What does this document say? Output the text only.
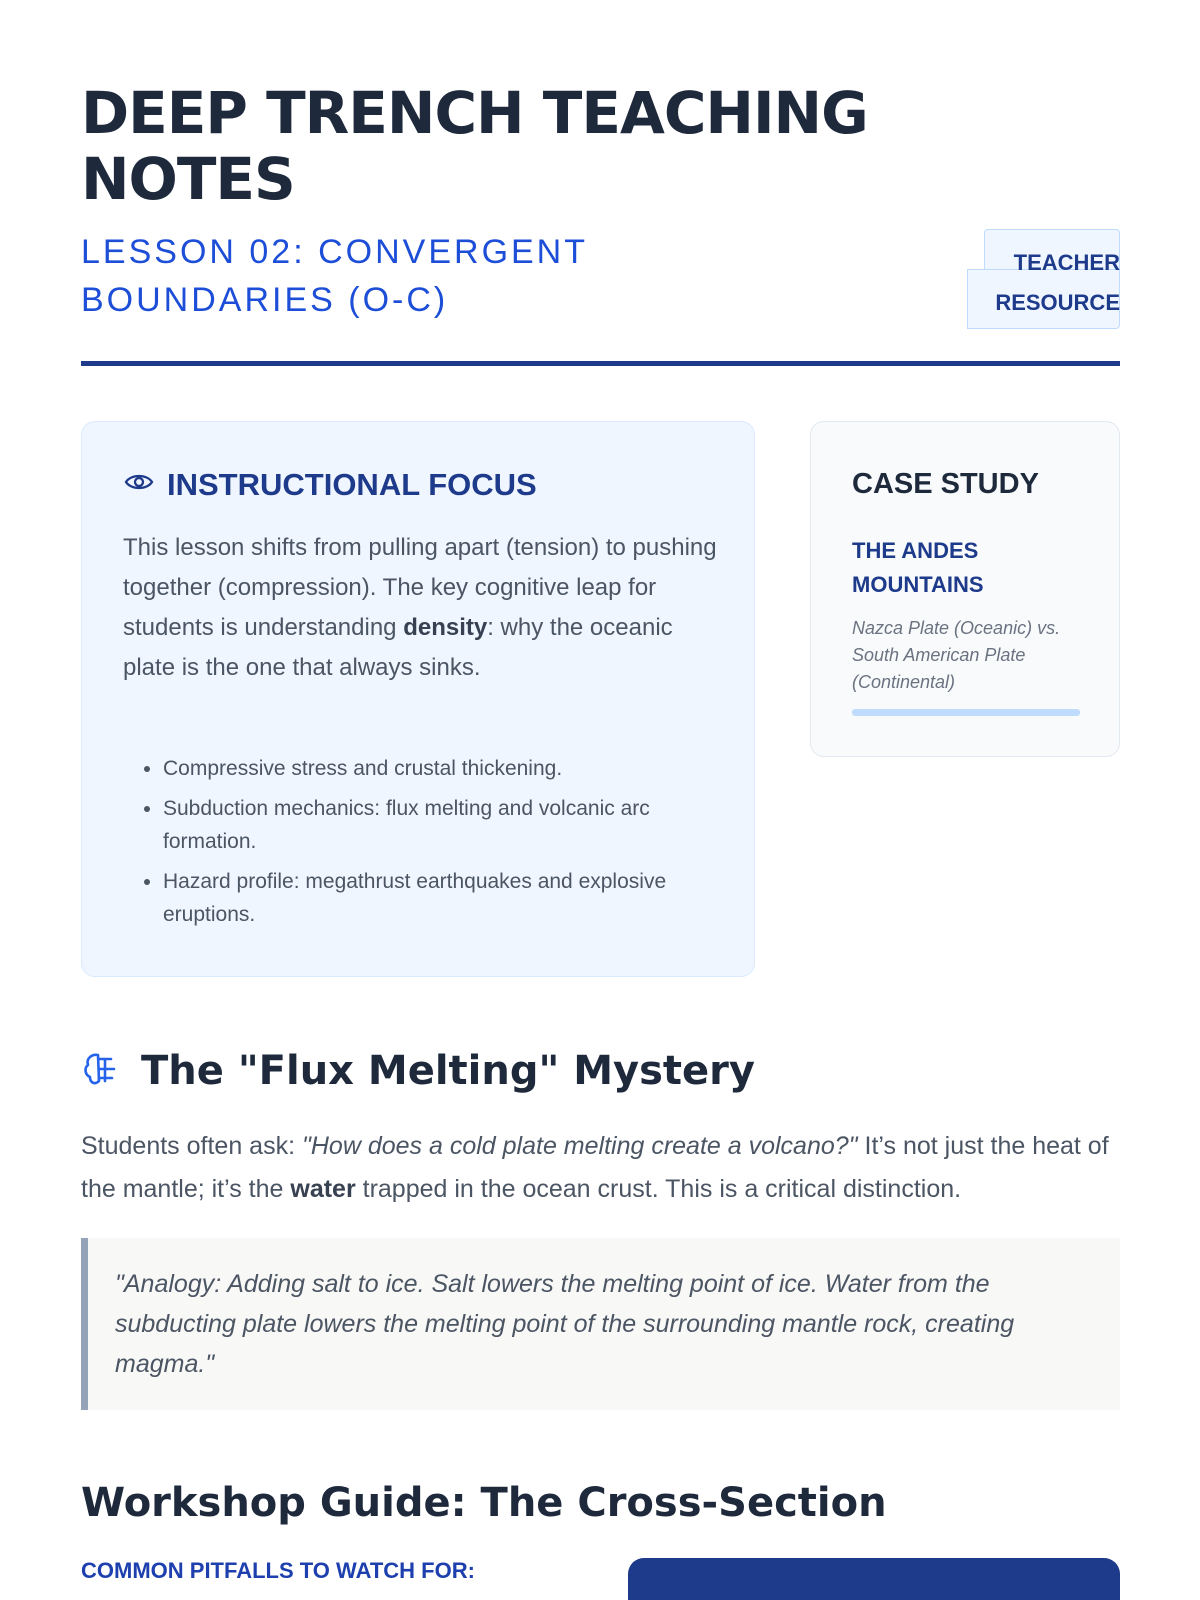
DEEP TRENCH TEACHING NOTES
LESSON 02: CONVERGENT BOUNDARIES (O-C)
TEACHER RESOURCE
INSTRUCTIONAL FOCUS

This lesson shifts from pulling apart (tension) to pushing together (compression). The key cognitive leap for students is understanding density: why the oceanic plate is the one that always sinks.

• Compressive stress and crustal thickening.
• Subduction mechanics: flux melting and volcanic arc formation.
• Hazard profile: megathrust earthquakes and explosive eruptions.
CASE STUDY
THE ANDES MOUNTAINS
Nazca Plate (Oceanic) vs. South American Plate (Continental)
The "Flux Melting" Mystery

Students often ask: "How does a cold plate melting create a volcano?" It’s not just the heat of the mantle; it’s the water trapped in the ocean crust. This is a critical distinction.

"Analogy: Adding salt to ice. Salt lowers the melting point of ice. Water from the subducting plate lowers the melting point of the surrounding mantle rock, creating magma."
Workshop Guide: The Cross-Section
COMMON PITFALLS TO WATCH FOR:
